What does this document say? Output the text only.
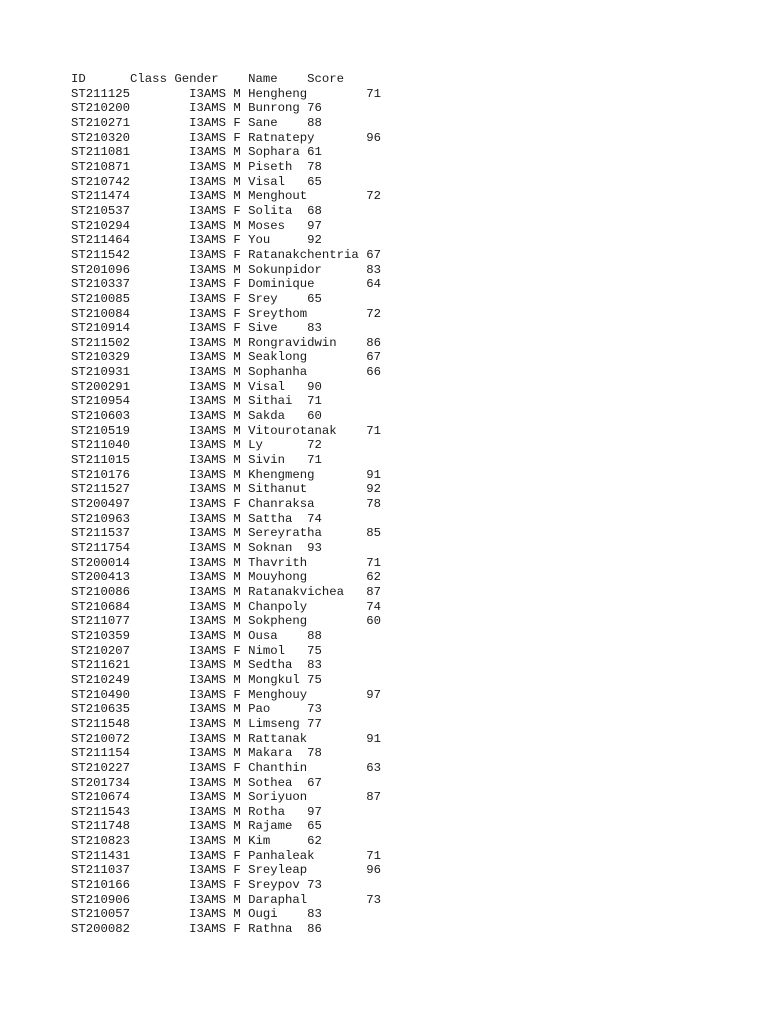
ID		Class Gender	Name	Score
ST211125		I3AMS M	Hengheng		71
ST210200		I3AMS M	Bunrong	76
ST210271		I3AMS F	Sane	88
ST210320		I3AMS F	Ratnatepy		96
ST211081		I3AMS M	Sophara	61
ST210871		I3AMS M	Piseth	78
ST210742		I3AMS M	Visal	65
ST211474		I3AMS M	Menghout		72
ST210537		I3AMS F	Solita	68
ST210294		I3AMS M	Moses	97
ST211464		I3AMS F	You		92
ST211542		I3AMS F	Ratanakchentria	67
ST201096		I3AMS M	Sokunpidor		83
ST210337		I3AMS F	Dominique		64
ST210085		I3AMS F	Srey	65
ST210084		I3AMS F	Sreythom		72
ST210914		I3AMS F	Sive	83
ST211502		I3AMS M	Rongravidwin	86
ST210329		I3AMS M	Seaklong		67
ST210931		I3AMS M	Sophanha		66
ST200291		I3AMS M	Visal	90
ST210954		I3AMS M	Sithai	71
ST210603		I3AMS M	Sakda	60
ST210519		I3AMS M	Vitourotanak	71
ST211040		I3AMS M	Ly		72
ST211015		I3AMS M	Sivin	71
ST210176		I3AMS M	Khengmeng		91
ST211527		I3AMS M	Sithanut		92
ST200497		I3AMS F	Chanraksa		78
ST210963		I3AMS M	Sattha	74
ST211537		I3AMS M	Sereyratha		85
ST211754		I3AMS M	Soknan	93
ST200014		I3AMS M	Thavrith		71
ST200413		I3AMS M	Mouyhong		62
ST210086		I3AMS M	Ratanakvichea	87
ST210684		I3AMS M	Chanpoly		74
ST211077		I3AMS M	Sokpheng		60
ST210359		I3AMS M	Ousa	88
ST210207		I3AMS F	Nimol	75
ST211621		I3AMS M	Sedtha	83
ST210249		I3AMS M	Mongkul	75
ST210490		I3AMS F	Menghouy		97
ST210635		I3AMS M	Pao		73
ST211548		I3AMS M	Limseng	77
ST210072		I3AMS M	Rattanak		91
ST211154		I3AMS M	Makara	78
ST210227		I3AMS F	Chanthin		63
ST201734		I3AMS M	Sothea	67
ST210674		I3AMS M	Soriyuon		87
ST211543		I3AMS M	Rotha	97
ST211748		I3AMS M	Rajame	65
ST210823		I3AMS M	Kim		62
ST211431		I3AMS F	Panhaleak		71
ST211037		I3AMS F	Sreyleap		96
ST210166		I3AMS F	Sreypov	73
ST210906		I3AMS M	Daraphal		73
ST210057		I3AMS M	Ougi	83
ST200082		I3AMS F	Rathna	86
